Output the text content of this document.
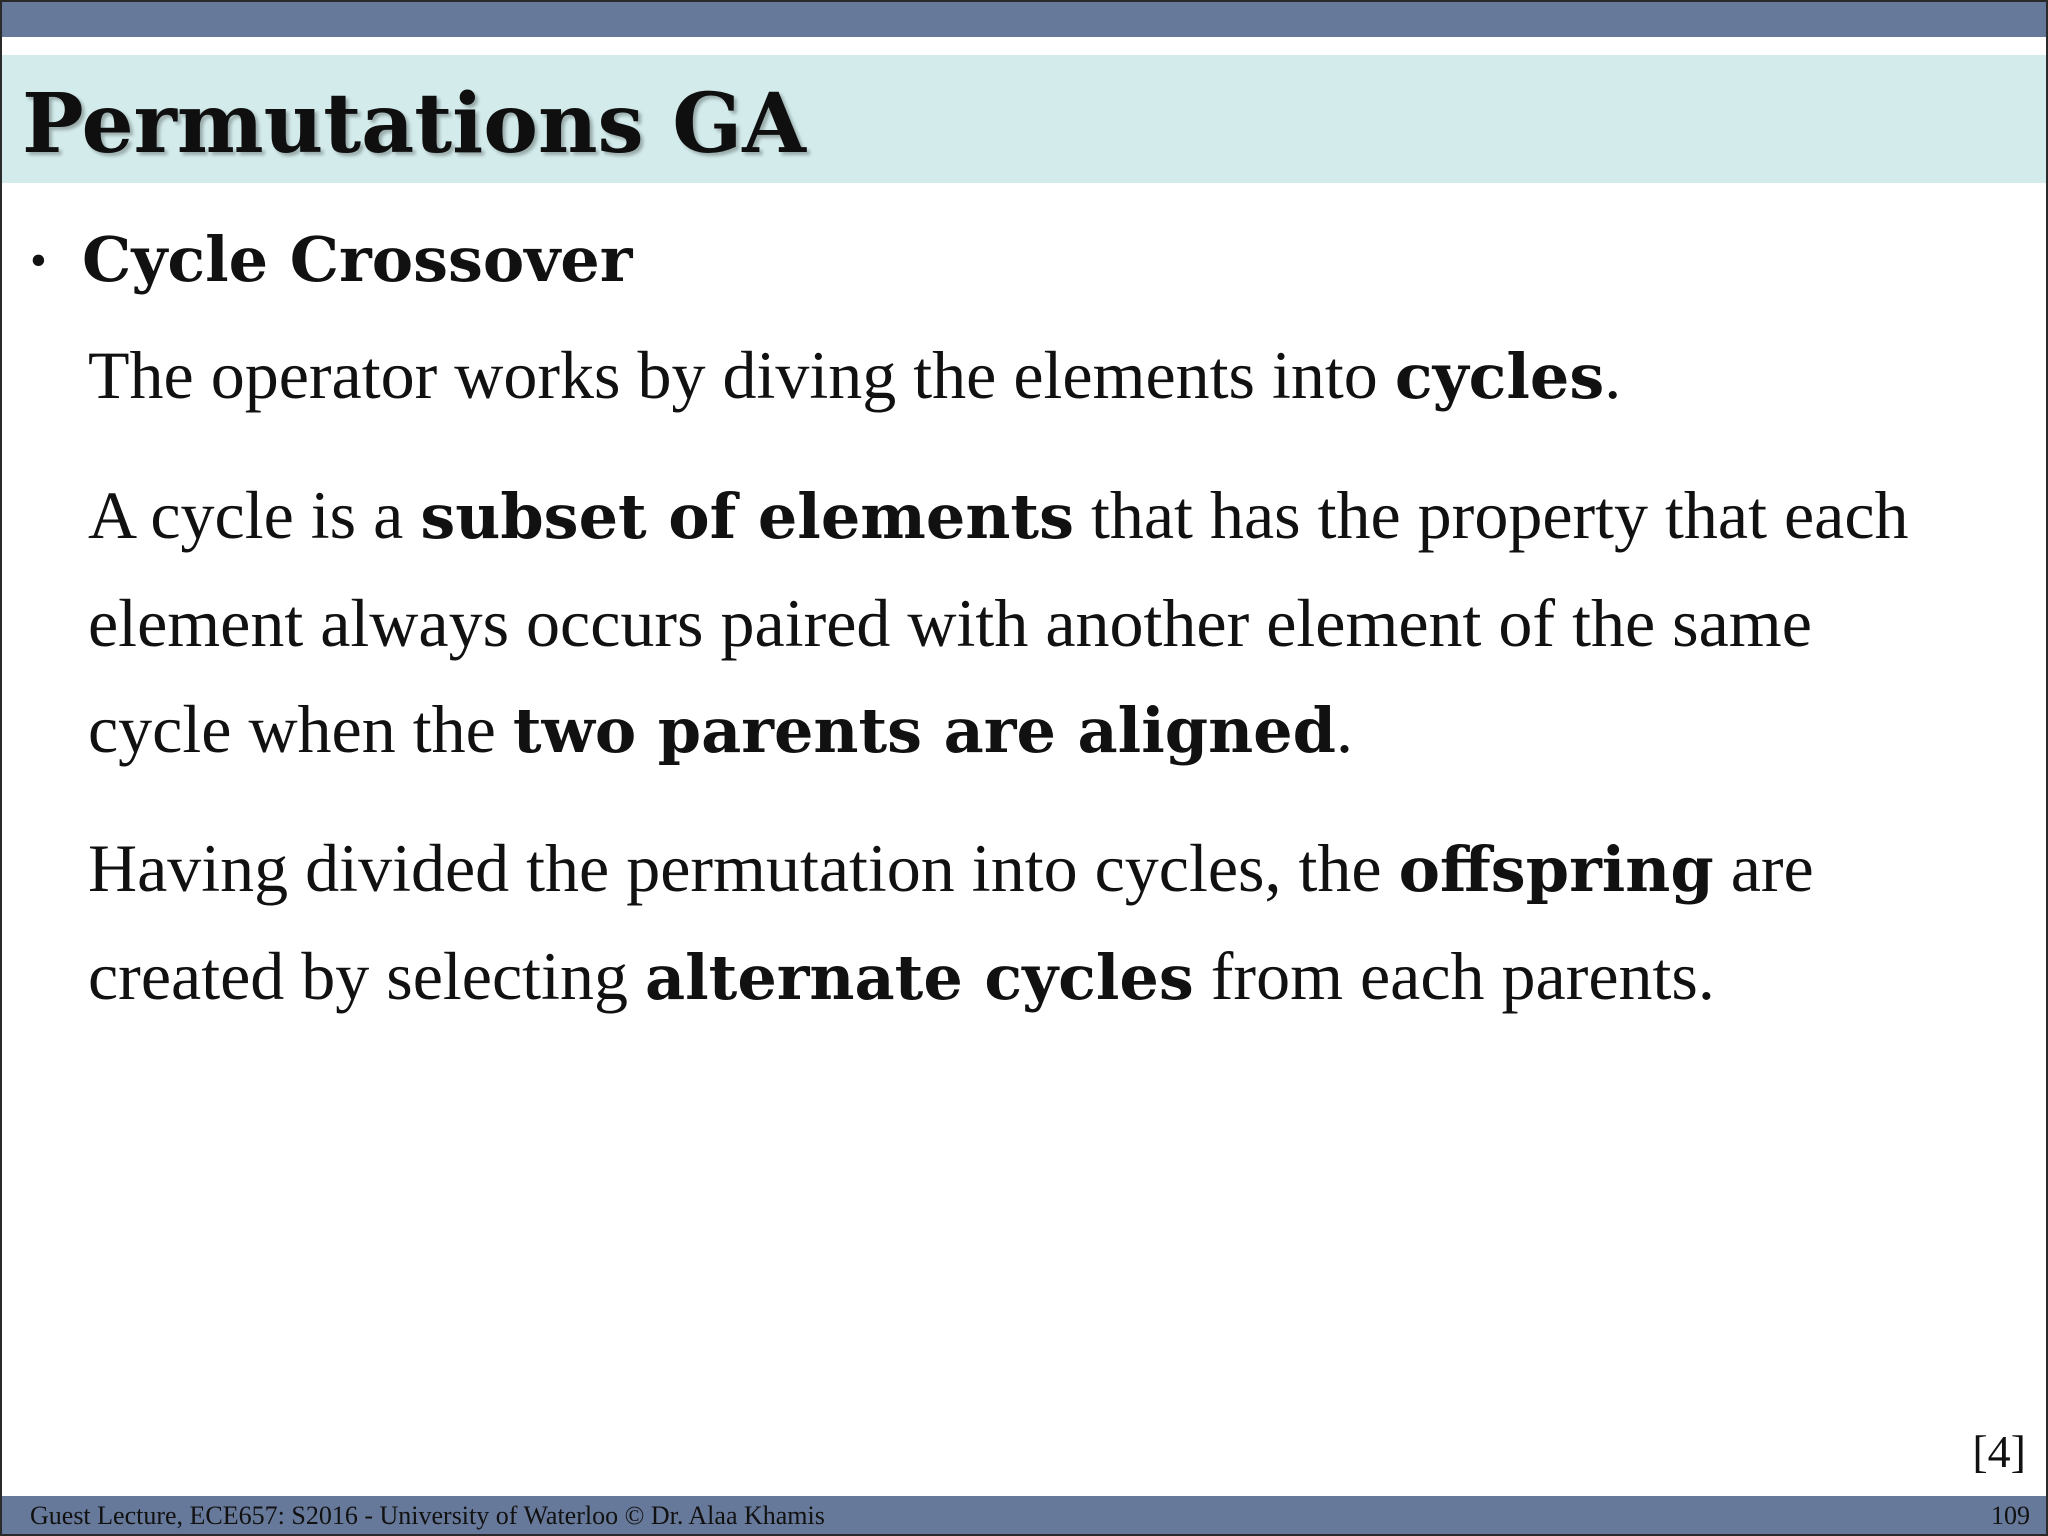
Permutations GA
• Cycle Crossover

The operator works by diving the elements into cycles.

A cycle is a subset of elements that has the property that each
element always occurs paired with another element of the same
cycle when the two parents are aligned.

Having divided the permutation into cycles, the offspring are
created by selecting alternate cycles from each parents.

[4]
Guest Lecture, ECE657: S2016 - University of Waterloo © Dr. Alaa Khamis	109
